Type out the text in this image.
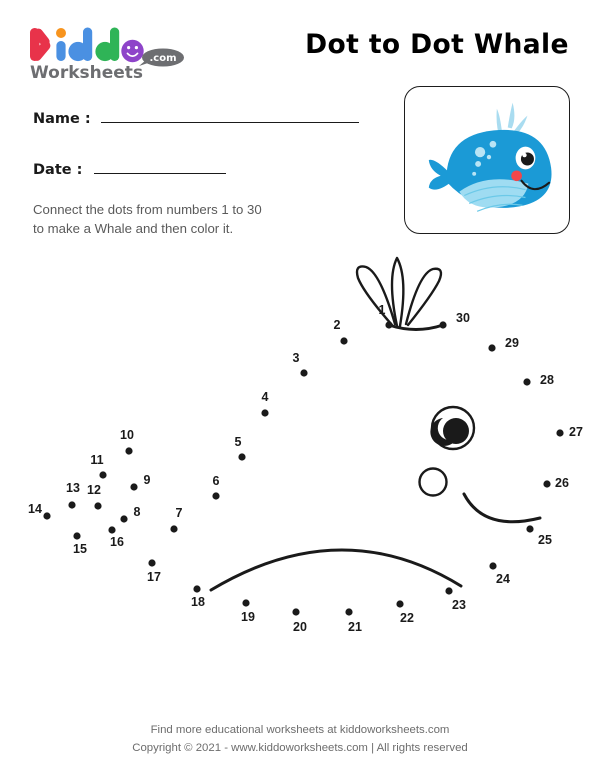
.com
Worksheets
Dot to Dot Whale
Name :
Date :
Connect the dots from numbers 1 to 30
to make a Whale and then color it.
1
2
3
4
5
6
7
8
9
10
11
12
13
14
15 16
17
18
19
20	21
22
23
24
25
26
27
28
29
30
Find more educational worksheets at kiddoworksheets.com
Copyright © 2021 - www.kiddoworksheets.com | All rights reserved
